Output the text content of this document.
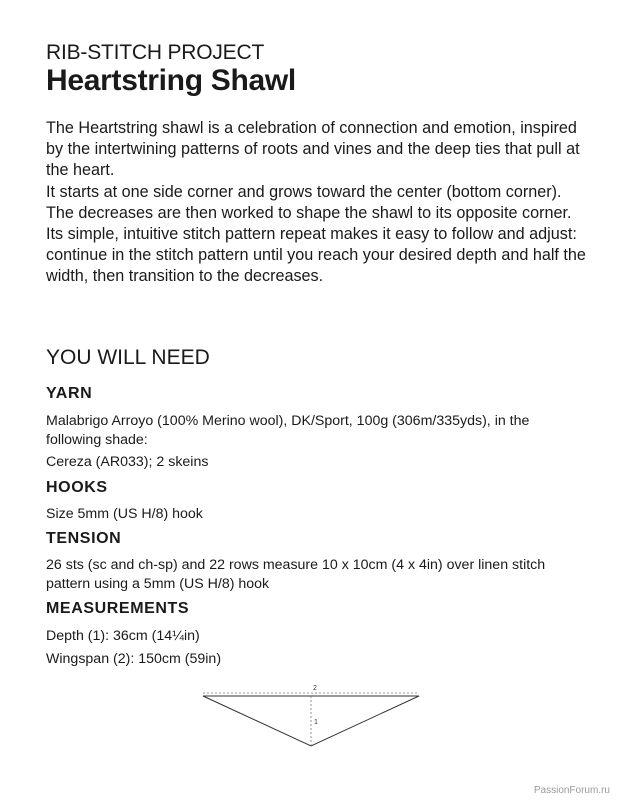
RIB-STITCH PROJECT
Heartstring Shawl

The Heartstring shawl is a celebration of connection and emotion, inspired by the intertwining patterns of roots and vines and the deep ties that pull at the heart.

It starts at one side corner and grows toward the center (bottom corner). The decreases are then worked to shape the shawl to its opposite corner. Its simple, intuitive stitch pattern repeat makes it easy to follow and adjust: continue in the stitch pattern until you reach your desired depth and half the width, then transition to the decreases.

YOU WILL NEED
YARN

Malabrigo Arroyo (100% Merino wool), DK/Sport, 100g (306m/335yds), in the following shade:

Cereza (AR033); 2 skeins

HOOKS

Size 5mm (US H/8) hook

TENSION

26 sts (sc and ch-sp) and 22 rows measure 10 x 10cm (4 x 4in) over linen stitch pattern using a 5mm (US H/8) hook

MEASUREMENTS

Depth (1): 36cm (14¼in)

Wingspan (2): 150cm (59in)

2
1
PassionForum.ru
